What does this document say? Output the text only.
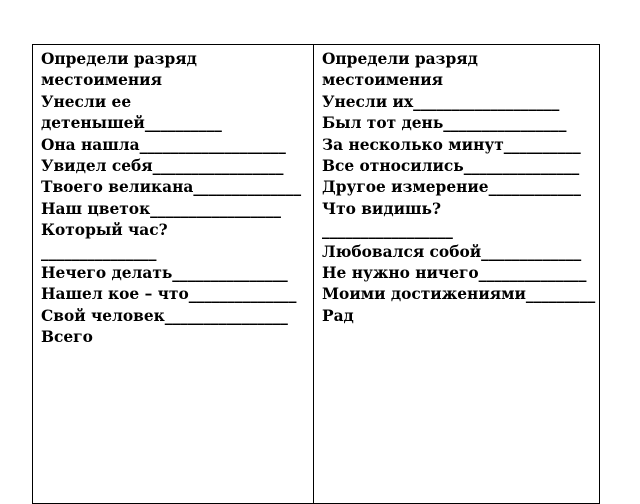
Определи разряд местоимения
Унесли ее детенышей__________
Она нашла___________________
Увидел себя_________________
Твоего великана______________
Наш цветок_________________
Который час?
_______________
Нечего делать_______________
Нашел кое – что______________
Свой человек________________
Всего
Определи разряд местоимения
Унесли их___________________
Был тот день________________
За несколько минут__________
Все относились_______________
Другое измерение____________
Что видишь?
_________________
Любовался собой_____________
Не нужно ничего______________
Моими достижениями_________
Рад
